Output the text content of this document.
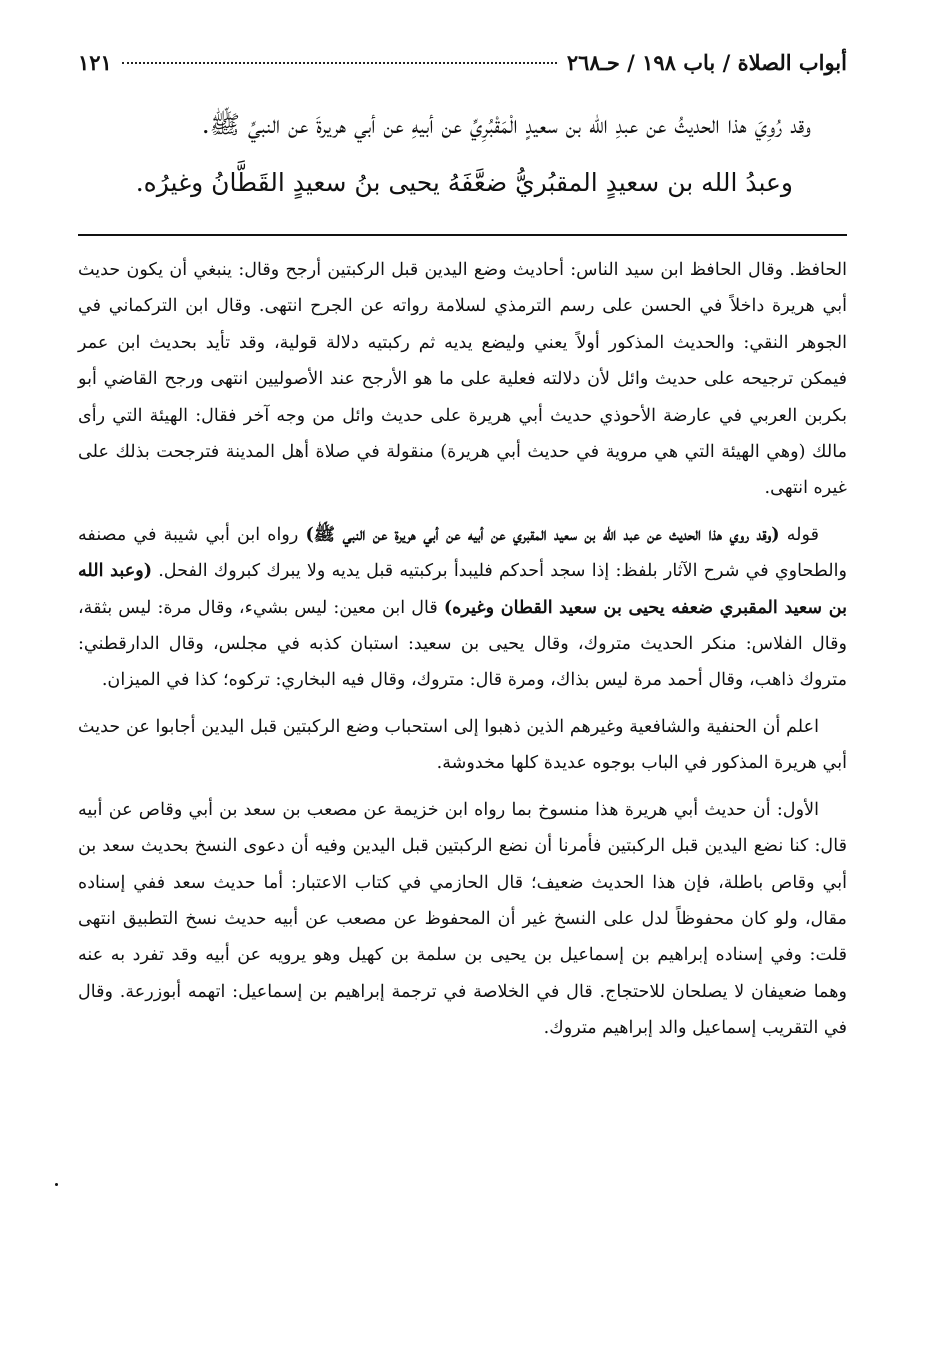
أبواب الصلاة / باب ١٩٨ / حـ٢٦٨
١٢١

وقد رُوِيَ هذا الحديثُ عن عبدِ الله بن سعيدٍ الْمَقْبُرِيِّ عن أبيهِ عن أبي هريرةَ عن النبيِّ ﷺ.

وعبدُ الله بن سعيدٍ المقبُريُّ ضعَّفَهُ يحيى بنُ سعيدٍ القَطَّانُ وغيرُه.

الحافظ. وقال الحافظ ابن سيد الناس: أحاديث وضع اليدين قبل الركبتين أرجح وقال: ينبغي أن يكون حديث أبي هريرة داخلاً في الحسن على رسم الترمذي لسلامة رواته عن الجرح انتهى. وقال ابن التركماني في الجوهر النقي: والحديث المذكور أولاً يعني وليضع يديه ثم ركبتيه دلالة قولية، وقد تأيد بحديث ابن عمر فيمكن ترجيحه على حديث وائل لأن دلالته فعلية على ما هو الأرجح عند الأصوليين انتهى ورجح القاضي أبو بكربن العربي في عارضة الأحوذي حديث أبي هريرة على حديث وائل من وجه آخر فقال: الهيئة التي رأى مالك (وهي الهيئة التي هي مروية في حديث أبي هريرة) منقولة في صلاة أهل المدينة فترجحت بذلك على غيره انتهى.

قوله (وقد روي هذا الحديث عن عبد الله بن سعيد المقبري عن أبيه عن أبي هريرة عن النبي ﷺ) رواه ابن أبي شيبة في مصنفه والطحاوي في شرح الآثار بلفظ: إذا سجد أحدكم فليبدأ بركبتيه قبل يديه ولا يبرك كبروك الفحل. (وعبد الله بن سعيد المقبري ضعفه يحيى بن سعيد القطان وغيره) قال ابن معين: ليس بشيء، وقال مرة: ليس بثقة، وقال الفلاس: منكر الحديث متروك، وقال يحيى بن سعيد: استبان كذبه في مجلس، وقال الدارقطني: متروك ذاهب، وقال أحمد مرة ليس بذاك، ومرة قال: متروك، وقال فيه البخاري: تركوه؛ كذا في الميزان.

اعلم أن الحنفية والشافعية وغيرهم الذين ذهبوا إلى استحباب وضع الركبتين قبل اليدين أجابوا عن حديث أبي هريرة المذكور في الباب بوجوه عديدة كلها مخدوشة.

الأول: أن حديث أبي هريرة هذا منسوخ بما رواه ابن خزيمة عن مصعب بن سعد بن أبي وقاص عن أبيه قال: كنا نضع اليدين قبل الركبتين فأمرنا أن نضع الركبتين قبل اليدين وفيه أن دعوى النسخ بحديث سعد بن أبي وقاص باطلة، فإن هذا الحديث ضعيف؛ قال الحازمي في كتاب الاعتبار: أما حديث سعد ففي إسناده مقال، ولو كان محفوظاً لدل على النسخ غير أن المحفوظ عن مصعب عن أبيه حديث نسخ التطبيق انتهى قلت: وفي إسناده إبراهيم بن إسماعيل بن يحيى بن سلمة بن كهيل وهو يرويه عن أبيه وقد تفرد به عنه وهما ضعيفان لا يصلحان للاحتجاج. قال في الخلاصة في ترجمة إبراهيم بن إسماعيل: اتهمه أبوزرعة. وقال في التقريب إسماعيل والد إبراهيم متروك.
